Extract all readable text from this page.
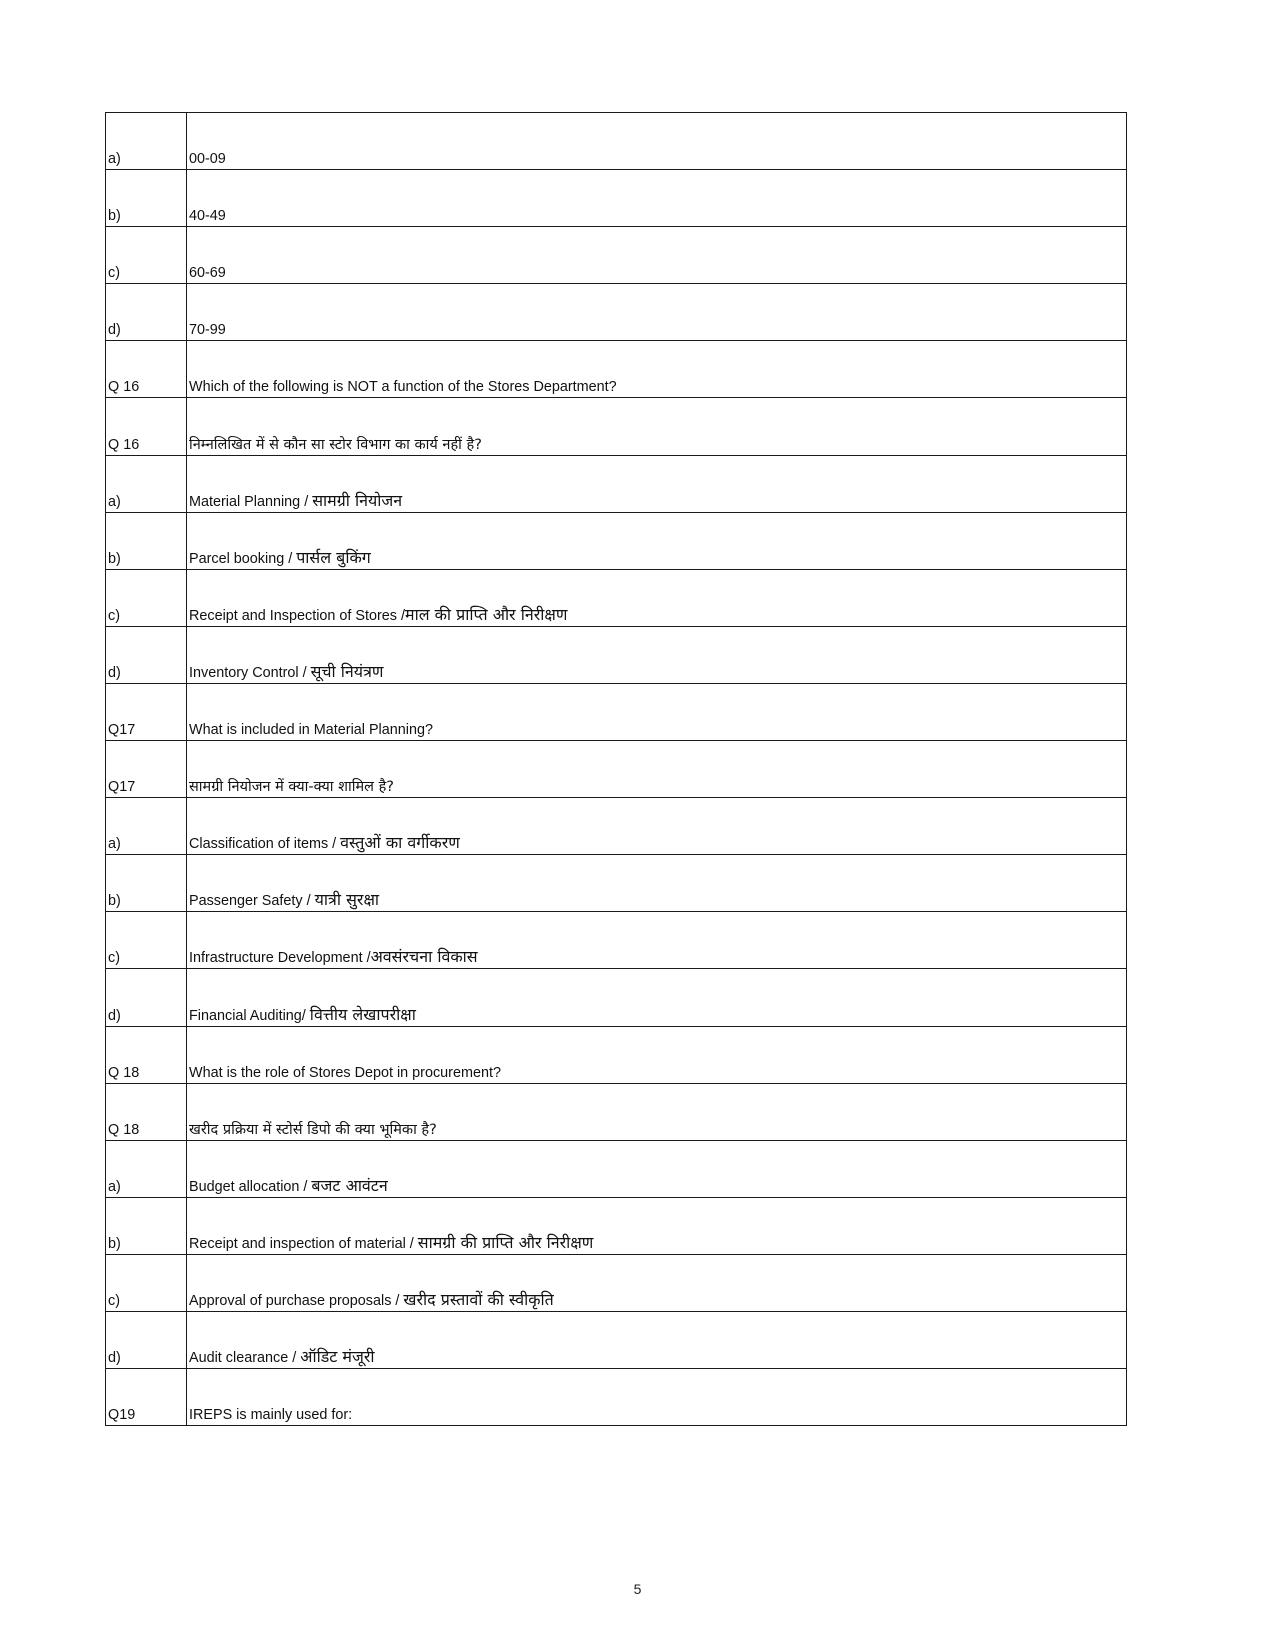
a)	00-09
b)	40-49
c)	60-69
d)	70-99
Q 16	Which of the following is NOT a function of the Stores Department?
Q 16	निम्नलिखित में से कौन सा स्टोर विभाग का कार्य नहीं है?
a)	Material Planning / सामग्री नियोजन
b)	Parcel booking / पार्सल बुकिंग
c)	Receipt and Inspection of Stores /माल की प्राप्ति और निरीक्षण
d)	Inventory Control / सूची नियंत्रण
Q17	What is included in Material Planning?
Q17	सामग्री नियोजन में क्या-क्या शामिल है?
a)	Classification of items / वस्तुओं का वर्गीकरण
b)	Passenger Safety / यात्री सुरक्षा
c)	Infrastructure Development /अवसंरचना विकास
d)	Financial Auditing/ वित्तीय लेखापरीक्षा
Q 18	What is the role of Stores Depot in procurement?
Q 18	खरीद प्रक्रिया में स्टोर्स डिपो की क्या भूमिका है?
a)	Budget allocation / बजट आवंटन
b)	Receipt and inspection of material / सामग्री की प्राप्ति और निरीक्षण
c)	Approval of purchase proposals / खरीद प्रस्तावों की स्वीकृति
d)	Audit clearance / ऑडिट मंजूरी
Q19	IREPS is mainly used for:
5
